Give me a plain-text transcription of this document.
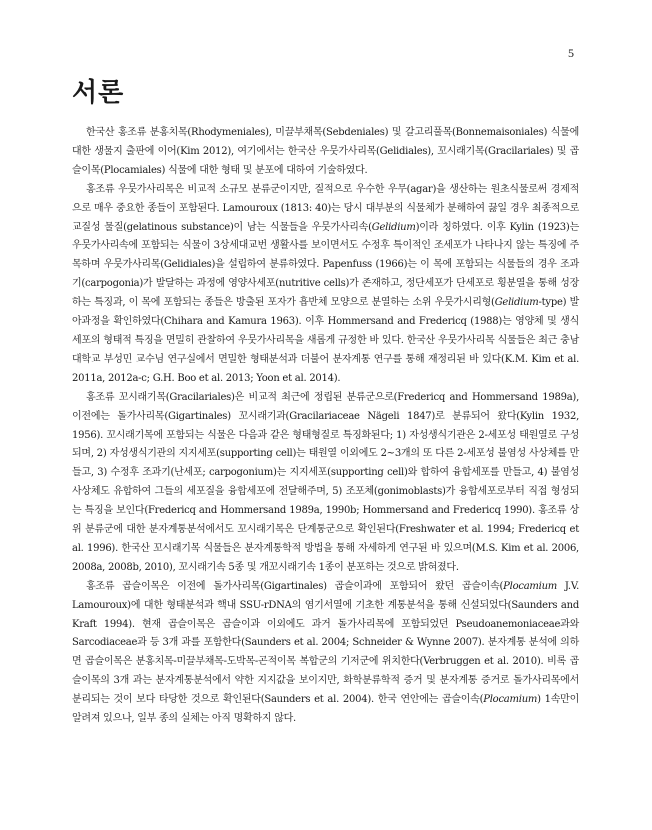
5
서론

한국산 홍조류 분홍치목(Rhodymeniales), 미끌부채목(Sebdeniales) 및 갈고리풀목(Bonnemaisoniales) 식물에 대한 생물지 출판에 이어(Kim 2012), 여기에서는 한국산 우뭇가사리목(Gelidiales), 꼬시래기목(Gracilariales) 및 곱슬이목(Plocamiales) 식물에 대한 형태 및 분포에 대하여 기술하였다.

홍조류 우뭇가사리목은 비교적 소규모 분류군이지만, 질적으로 우수한 우무(agar)을 생산하는 원초식물로써 경제적으로 매우 중요한 종들이 포함된다. Lamouroux (1813: 40)는 당시 대부분의 식물체가 분해하여 끓일 경우 최종적으로 교질성 물질(gelatinous substance)이 남는 식물들을 우뭇가사리속(Gelidium)이라 칭하였다. 이후 Kylin (1923)는 우뭇가사리속에 포함되는 식물이 3상세대교번 생활사를 보이면서도 수정후 특이적인 조세포가 나타나지 않는 특징에 주목하며 우뭇가사리목(Gelidiales)을 설립하여 분류하였다. Papenfuss (1966)는 이 목에 포함되는 식물들의 경우 조과기(carpogonia)가 발달하는 과정에 영양사세포(nutritive cells)가 존재하고, 정단세포가 단세포로 횡분열을 통해 성장하는 특징과, 이 목에 포함되는 종들은 방출된 포자가 흡반체 모양으로 분열하는 소위 우뭇가시리형(Gelidium-type) 발아과정을 확인하였다(Chihara and Kamura 1963). 이후 Hommersand and Fredericq (1988)는 영양체 및 생식세포의 형태적 특징을 면밀히 관찰하여 우뭇가사리목을 새롭게 규정한 바 있다. 한국산 우뭇가사리목 식물들은 최근 충남대학교 부성민 교수님 연구실에서 면밀한 형태분석과 더불어 분자계통 연구를 통해 재정리된 바 있다(K.M. Kim et al. 2011a, 2012a-c; G.H. Boo et al. 2013; Yoon et al. 2014).

홍조류 꼬시래기목(Gracilariales)은 비교적 최근에 정립된 분류군으로(Fredericq and Hommersand 1989a), 이전에는 돌가사리목(Gigartinales) 꼬시래기과(Gracilariaceae Nägeli 1847)로 분류되어 왔다(Kylin 1932, 1956). 꼬시래기목에 포함되는 식물은 다음과 같은 형태형질로 특징화된다; 1) 자성생식기관은 2-세포성 태원열로 구성되며, 2) 자성생식기관의 지지세포(supporting cell)는 태원열 이외에도 2~3개의 또 다른 2-세포성 불염성 사상체를 만들고, 3) 수정후 조과기(난세포; carpogonium)는 지지세포(supporting cell)와 합하여 융합세포를 만들고, 4) 불염성 사상체도 유합하여 그들의 세포질을 융합세포에 전달해주며, 5) 조포체(gonimoblasts)가 융합세포로부터 직접 형성되는 특징을 보인다(Fredericq and Hommersand 1989a, 1990b; Hommersand and Fredericq 1990). 홍조류 상위 분류군에 대한 분자계통분석에서도 꼬시래기목은 단계통군으로 확인된다(Freshwater et al. 1994; Fredericq et al. 1996). 한국산 꼬시래기목 식물들은 분자계통학적 방법을 통해 자세하게 연구된 바 있으며(M.S. Kim et al. 2006, 2008a, 2008b, 2010), 꼬시래기속 5종 및 개꼬시래기속 1종이 분포하는 것으로 밝혀졌다.

홍조류 곱슬이목은 이전에 돌가사리목(Gigartinales) 곱슬이과에 포함되어 왔던 곱슬이속(Plocamium J.V. Lamouroux)에 대한 형태분석과 핵내 SSU-rDNA의 염기서열에 기초한 계통분석을 통해 신설되었다(Saunders and Kraft 1994). 현재 곱슬이목은 곱슬이과 이외에도 과거 돌가사리목에 포함되었던 Pseudoanemoniaceae과와 Sarcodiaceae과 등 3개 과를 포함한다(Saunders et al. 2004; Schneider & Wynne 2007). 분자계통 분석에 의하면 곱슬이목은 분홍치목-미끌부채목-도박목-곤적이목 복합군의 기저군에 위치한다(Verbruggen et al. 2010). 비록 곱슬이목의 3개 과는 분자계통분석에서 약한 지지값을 보이지만, 화학분류학적 증거 및 분자계통 증거로 돌가사리목에서 분리되는 것이 보다 타당한 것으로 확인된다(Saunders et al. 2004). 한국 연안에는 곱슬이속(Plocamium) 1속만이 알려져 있으나, 일부 종의 실체는 아직 명확하지 않다.
